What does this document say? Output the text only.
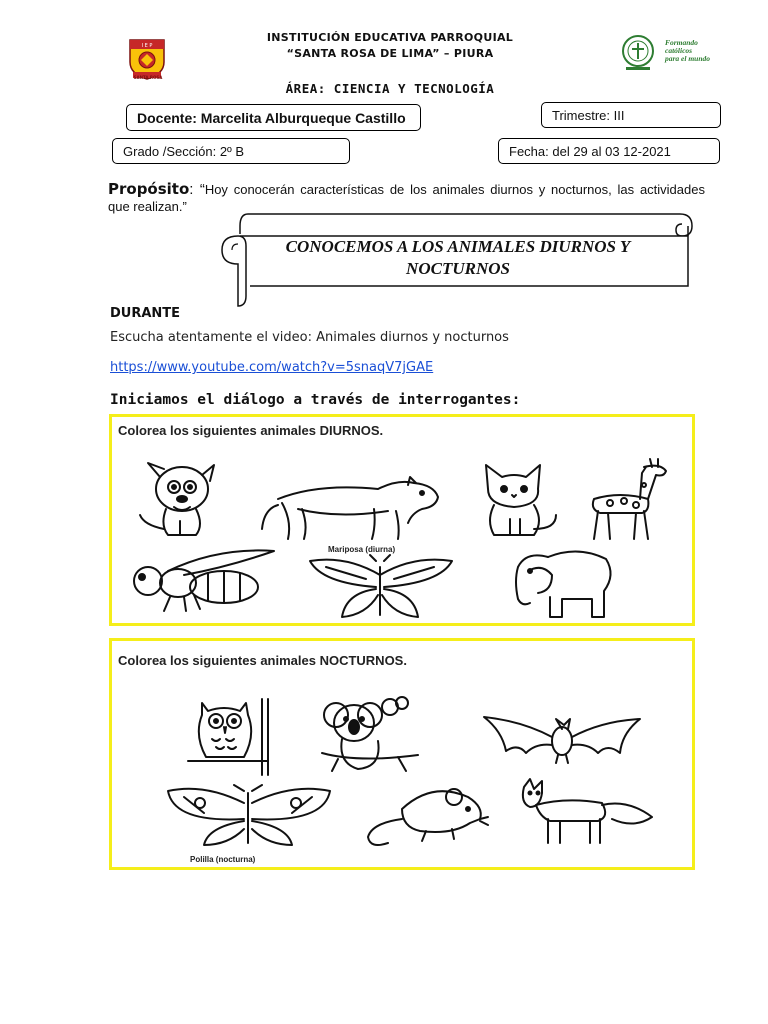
I E P
SANTA ROSA
INSTITUCIÓN EDUCATIVA PARROQUIAL
“SANTA ROSA DE LIMA” – PIURA
Formando
católicos
para el mundo
ÁREA: CIENCIA Y TECNOLOGÍA
Docente: Marcelita Alburqueque Castillo	Trimestre: III
Grado /Sección: 2º B	Fecha: del 29 al 03 12-2021
Propósito: “Hoy conocerán características de los animales diurnos y nocturnos, las actividades que realizan.”
CONOCEMOS A LOS ANIMALES DIURNOS Y
NOCTURNOS
DURANTE
Escucha atentamente el video: Animales diurnos y nocturnos
https://www.youtube.com/watch?v=5snaqV7jGAE
Iniciamos el diálogo a través de interrogantes:
Colorea los siguientes animales DIURNOS.
Mariposa (diurna)
Colorea los siguientes animales NOCTURNOS.
Polilla (nocturna)
